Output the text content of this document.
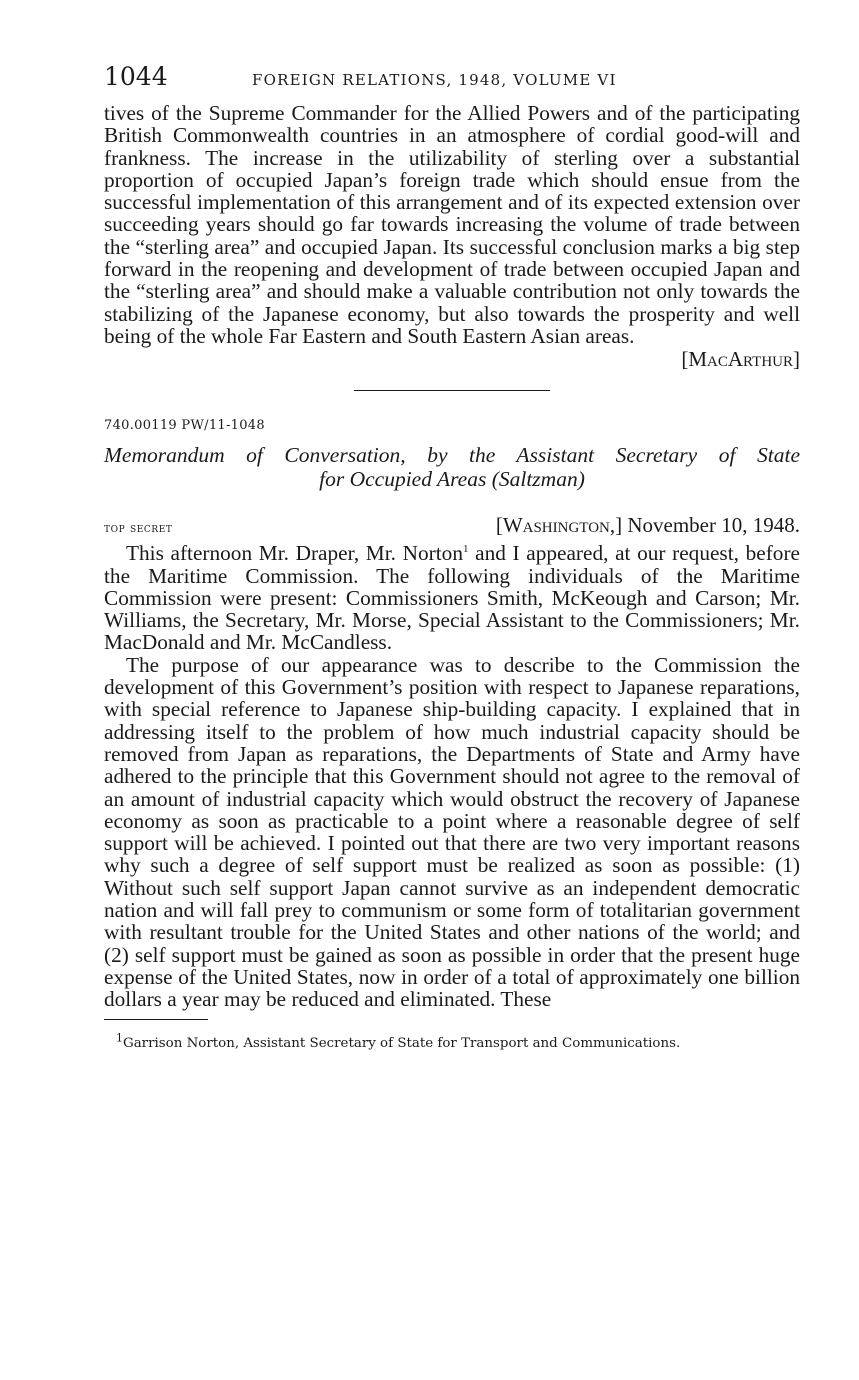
1044	FOREIGN RELATIONS, 1948, VOLUME VI

tives of the Supreme Commander for the Allied Powers and of the participating British Commonwealth countries in an atmosphere of cordial good-will and frankness. The increase in the utilizability of sterling over a substantial proportion of occupied Japan’s foreign trade which should ensue from the successful implementation of this arrangement and of its expected extension over succeeding years should go far towards increasing the volume of trade between the “sterling area” and occupied Japan. Its successful conclusion marks a big step forward in the reopening and development of trade between occupied Japan and the “sterling area” and should make a valuable contribution not only towards the stabilizing of the Japanese economy, but also towards the prosperity and well being of the whole Far Eastern and South Eastern Asian areas.

[MacArthur]
740.00119 PW/11-1048
Memorandum of Conversation, by the Assistant Secretary of State
for Occupied Areas (Saltzman)
top secret	[Washington,] November 10, 1948.

This afternoon Mr. Draper, Mr. Norton$^1$ and I appeared, at our request, before the Maritime Commission. The following individuals of the Maritime Commission were present: Commissioners Smith, McKeough and Carson; Mr. Williams, the Secretary, Mr. Morse, Special Assistant to the Commissioners; Mr. MacDonald and Mr. McCandless.

The purpose of our appearance was to describe to the Commission the development of this Government’s position with respect to Japanese reparations, with special reference to Japanese ship-building capacity. I explained that in addressing itself to the problem of how much industrial capacity should be removed from Japan as reparations, the Departments of State and Army have adhered to the principle that this Government should not agree to the removal of an amount of industrial capacity which would obstruct the recovery of Japanese economy as soon as practicable to a point where a reasonable degree of self support will be achieved. I pointed out that there are two very important reasons why such a degree of self support must be realized as soon as possible: (1) Without such self support Japan cannot survive as an independent democratic nation and will fall prey to communism or some form of totalitarian government with resultant trouble for the United States and other nations of the world; and (2) self support must be gained as soon as possible in order that the present huge expense of the United States, now in order of a total of approximately one billion dollars a year may be reduced and eliminated. These

$^1$Garrison Norton, Assistant Secretary of State for Transport and Communications.
